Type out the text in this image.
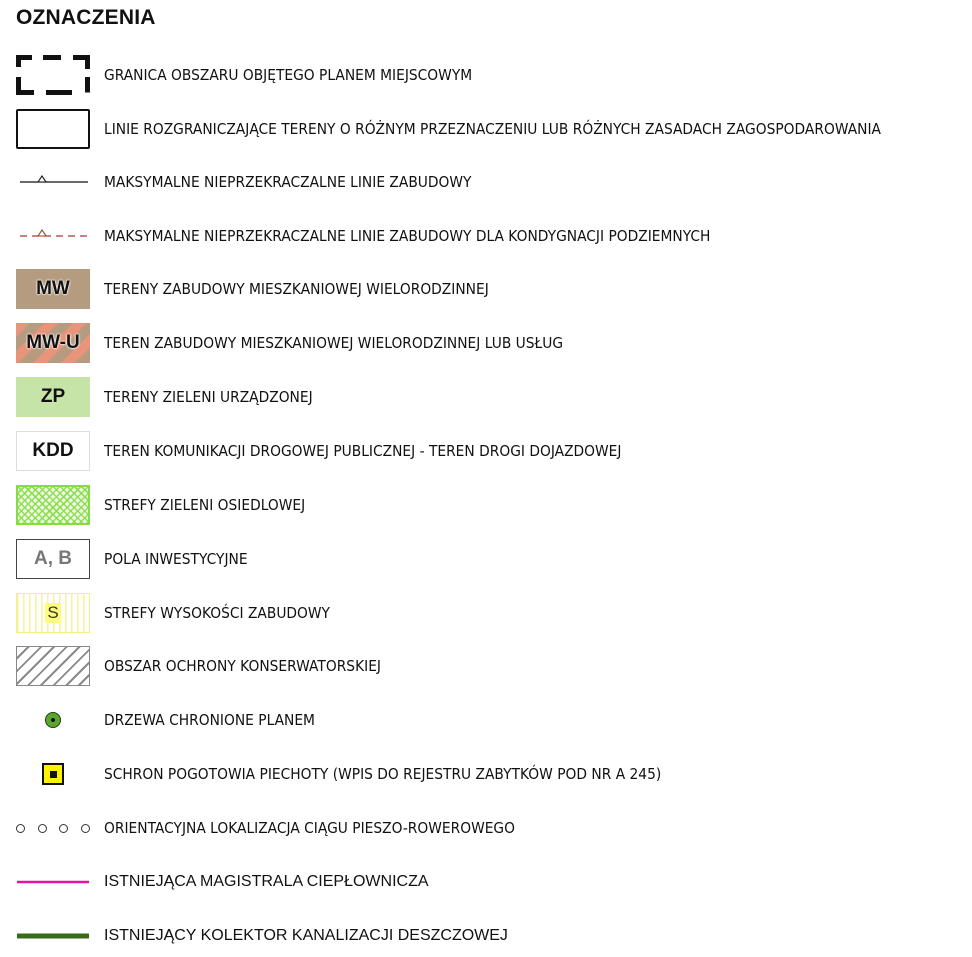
OZNACZENIA
GRANICA OBSZARU OBJĘTEGO PLANEM MIEJSCOWYM
LINIE ROZGRANICZAJĄCE TERENY O RÓŻNYM PRZEZNACZENIU LUB RÓŻNYCH ZASADACH ZAGOSPODAROWANIA
MAKSYMALNE NIEPRZEKRACZALNE LINIE ZABUDOWY
MAKSYMALNE NIEPRZEKRACZALNE LINIE ZABUDOWY DLA KONDYGNACJI PODZIEMNYCH
MW	TERENY ZABUDOWY MIESZKANIOWEJ WIELORODZINNEJ
MW-U	TEREN ZABUDOWY MIESZKANIOWEJ WIELORODZINNEJ LUB USŁUG
ZP	TERENY ZIELENI URZĄDZONEJ
KDD	TEREN KOMUNIKACJI DROGOWEJ PUBLICZNEJ - TEREN DROGI DOJAZDOWEJ
STREFY ZIELENI OSIEDLOWEJ
A, B	POLA INWESTYCYJNE
S	STREFY WYSOKOŚCI ZABUDOWY
OBSZAR OCHRONY KONSERWATORSKIEJ
DRZEWA CHRONIONE PLANEM
SCHRON POGOTOWIA PIECHOTY (WPIS DO REJESTRU ZABYTKÓW POD NR A 245)
ORIENTACYJNA LOKALIZACJA CIĄGU PIESZO-ROWEROWEGO
ISTNIEJĄCA MAGISTRALA CIEPŁOWNICZA
ISTNIEJĄCY KOLEKTOR KANALIZACJI DESZCZOWEJ
